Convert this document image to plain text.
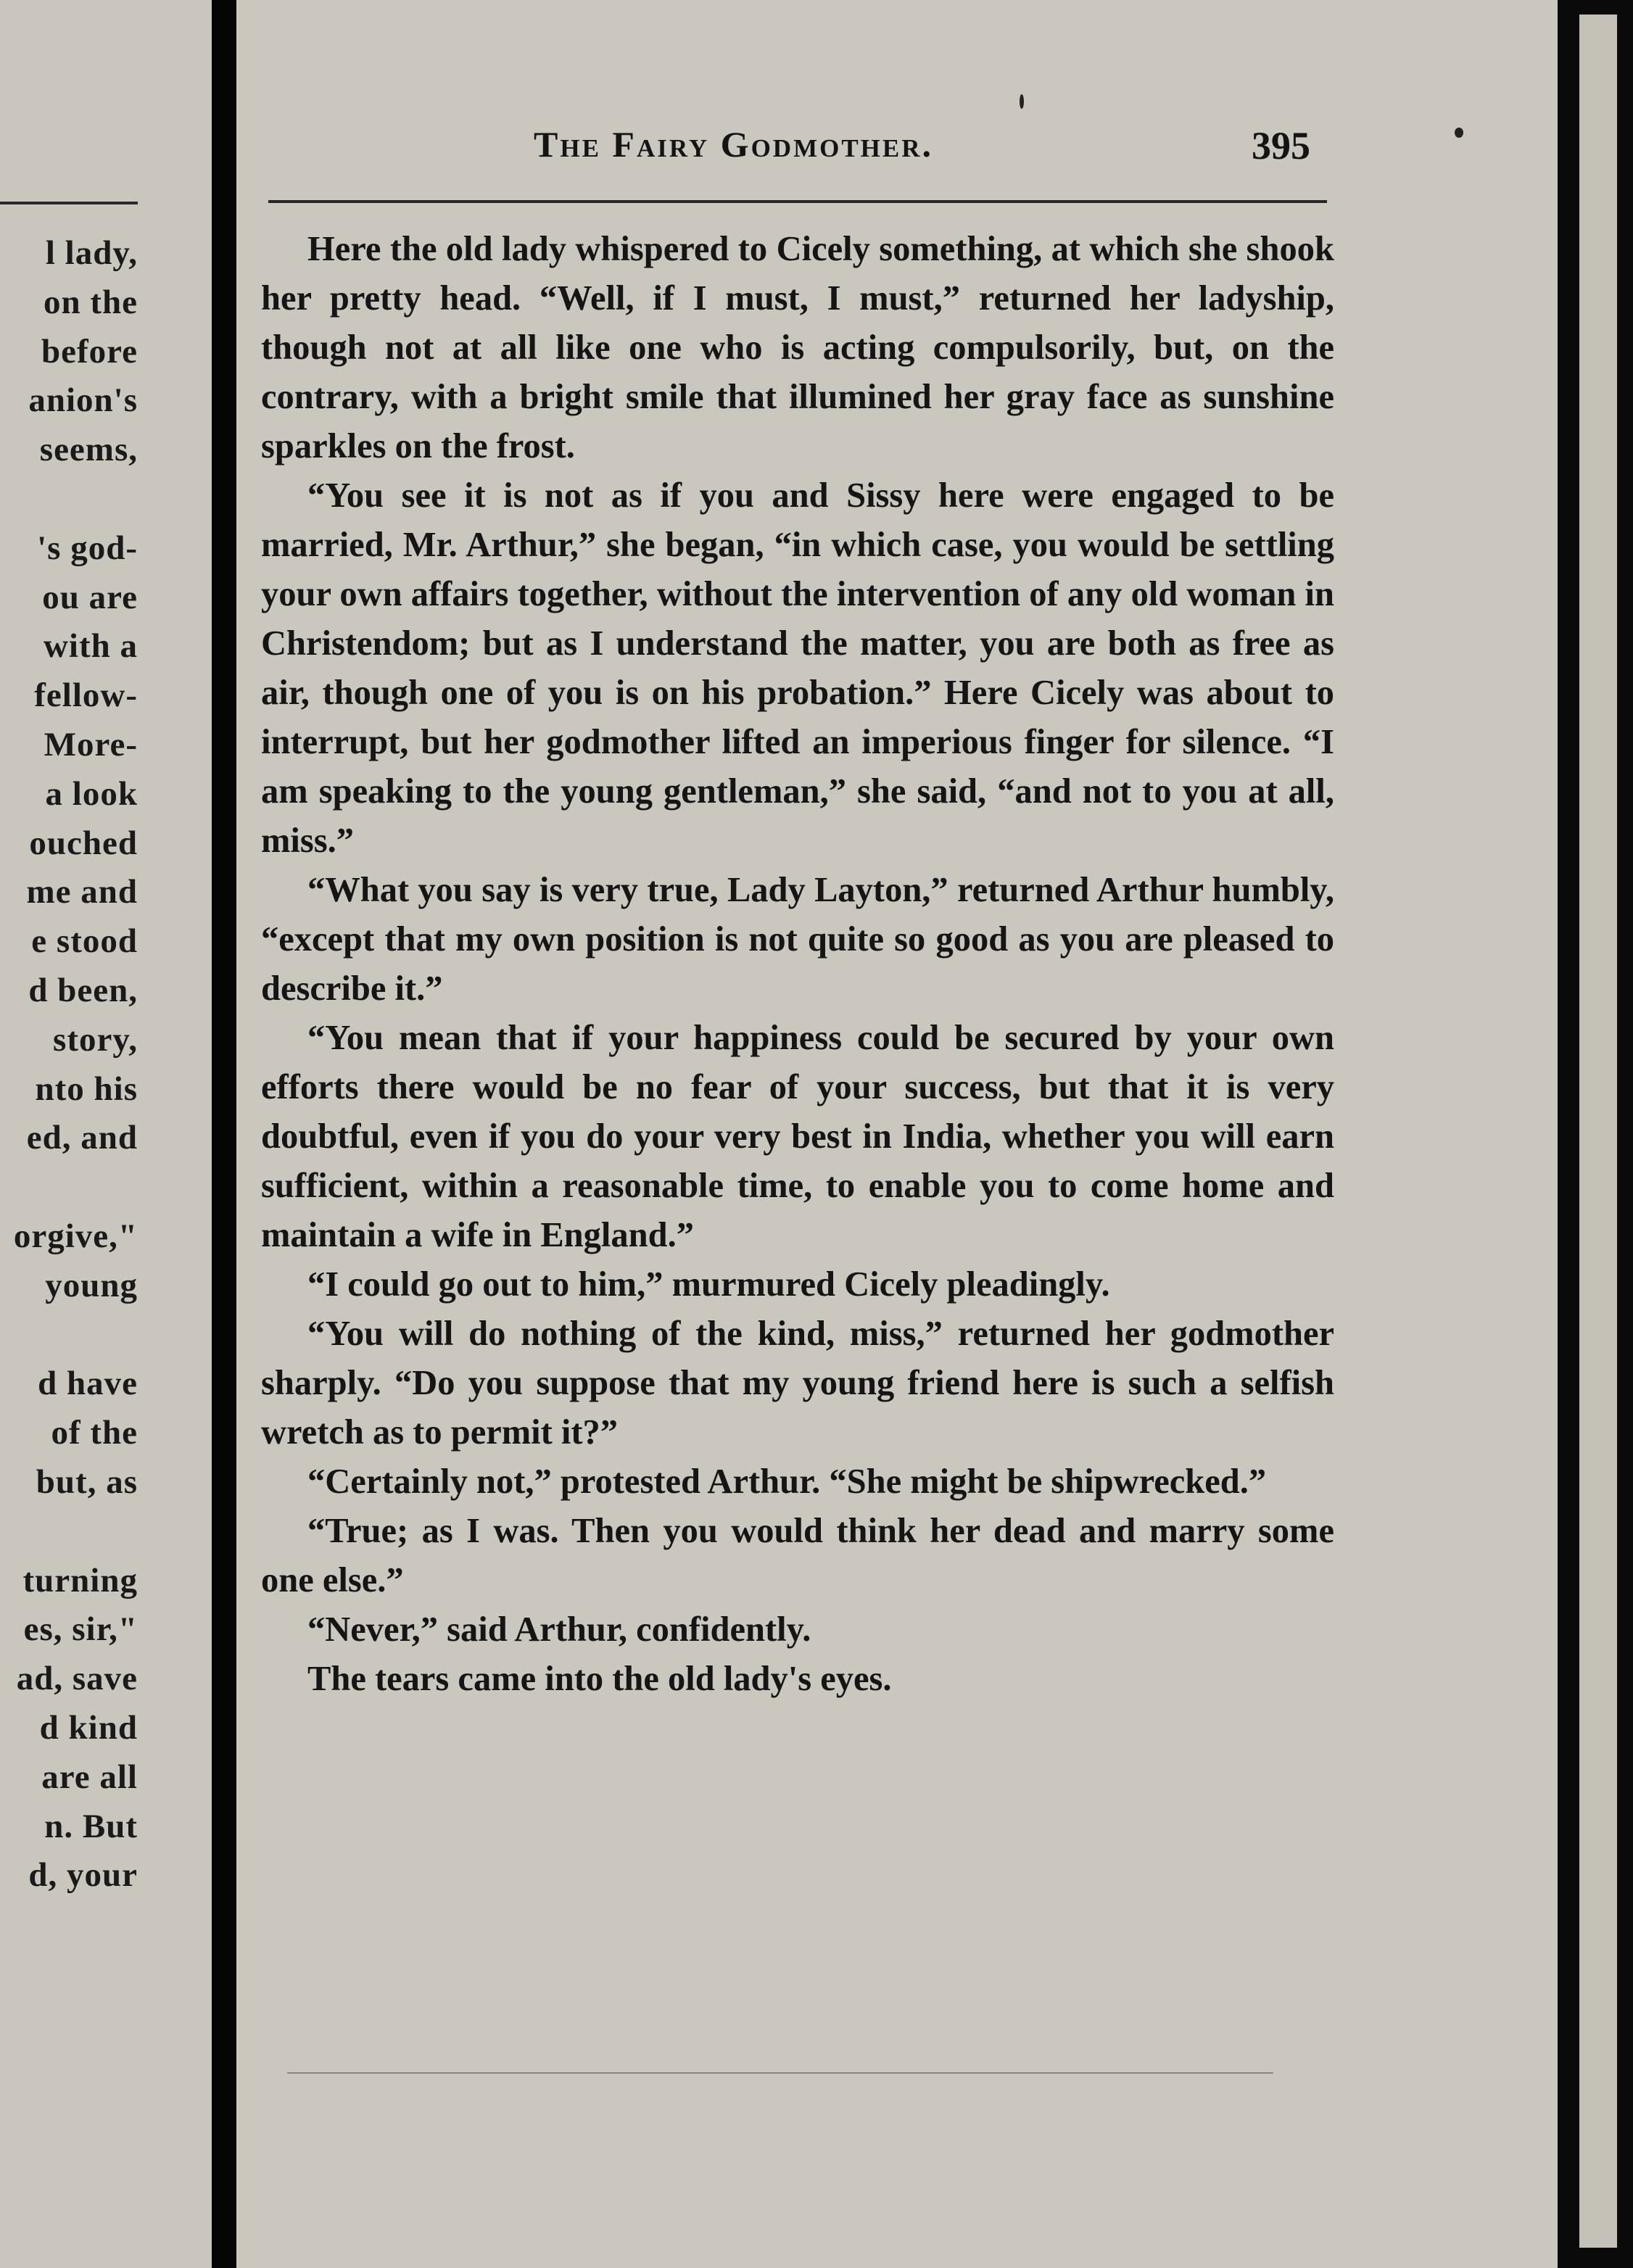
l lady,
on the
before
anion's
seems,
's god-
ou are
with a
fellow-
More-
a look
ouched
me and
e stood
d been,
story,
nto his
ed, and
orgive,"
young
d have
of the
but, as
turning
es, sir,"
ad, save
d kind
are all
n. But
d, your
The Fairy Godmother.	395

Here the old lady whispered to Cicely something, at which she shook her pretty head. “Well, if I must, I must,” returned her ladyship, though not at all like one who is acting compulsorily, but, on the contrary, with a bright smile that illumined her gray face as sunshine sparkles on the frost.

“You see it is not as if you and Sissy here were engaged to be married, Mr. Arthur,” she began, “in which case, you would be settling your own affairs together, without the intervention of any old woman in Christendom; but as I understand the matter, you are both as free as air, though one of you is on his probation.” Here Cicely was about to interrupt, but her godmother lifted an imperious finger for silence. “I am speaking to the young gentleman,” she said, “and not to you at all, miss.”

“What you say is very true, Lady Layton,” returned Arthur humbly, “except that my own position is not quite so good as you are pleased to describe it.”

“You mean that if your happiness could be secured by your own efforts there would be no fear of your success, but that it is very doubtful, even if you do your very best in India, whether you will earn sufficient, within a reasonable time, to enable you to come home and maintain a wife in England.”

“I could go out to him,” murmured Cicely pleadingly.

“You will do nothing of the kind, miss,” returned her godmother sharply. “Do you suppose that my young friend here is such a selfish wretch as to permit it?”

“Certainly not,” protested Arthur. “She might be shipwrecked.”

“True; as I was. Then you would think her dead and marry some one else.”

“Never,” said Arthur, confidently.

The tears came into the old lady's eyes.
